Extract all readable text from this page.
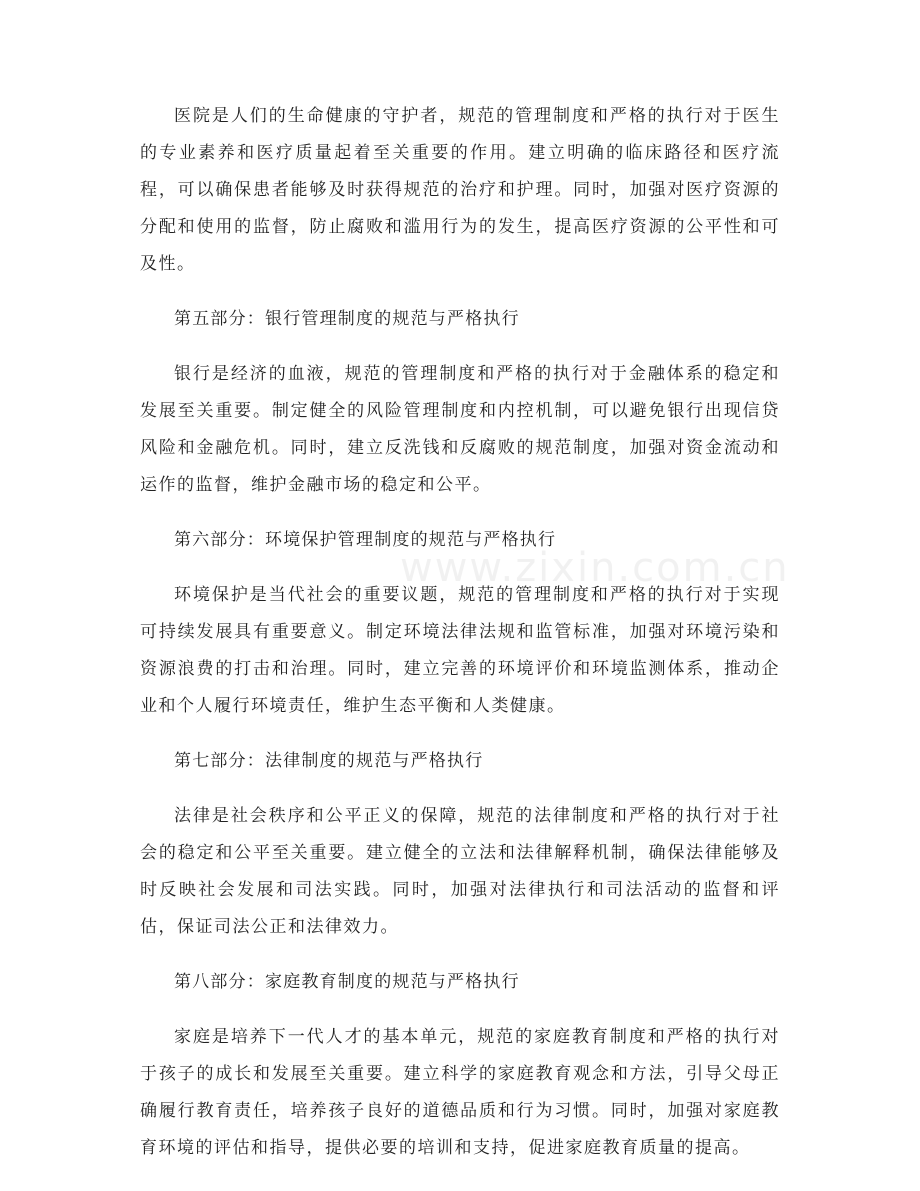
医院是人们的生命健康的守护者，规范的管理制度和严格的执行对于医生的专业素养和医疗质量起着至关重要的作用。建立明确的临床路径和医疗流程，可以确保患者能够及时获得规范的治疗和护理。同时，加强对医疗资源的分配和使用的监督，防止腐败和滥用行为的发生，提高医疗资源的公平性和可及性。

第五部分：银行管理制度的规范与严格执行

银行是经济的血液，规范的管理制度和严格的执行对于金融体系的稳定和发展至关重要。制定健全的风险管理制度和内控机制，可以避免银行出现信贷风险和金融危机。同时，建立反洗钱和反腐败的规范制度，加强对资金流动和运作的监督，维护金融市场的稳定和公平。

第六部分：环境保护管理制度的规范与严格执行

环境保护是当代社会的重要议题，规范的管理制度和严格的执行对于实现可持续发展具有重要意义。制定环境法律法规和监管标准，加强对环境污染和资源浪费的打击和治理。同时，建立完善的环境评价和环境监测体系，推动企业和个人履行环境责任，维护生态平衡和人类健康。

第七部分：法律制度的规范与严格执行

法律是社会秩序和公平正义的保障，规范的法律制度和严格的执行对于社会的稳定和公平至关重要。建立健全的立法和法律解释机制，确保法律能够及时反映社会发展和司法实践。同时，加强对法律执行和司法活动的监督和评估，保证司法公正和法律效力。

第八部分：家庭教育制度的规范与严格执行

家庭是培养下一代人才的基本单元，规范的家庭教育制度和严格的执行对于孩子的成长和发展至关重要。建立科学的家庭教育观念和方法，引导父母正确履行教育责任，培养孩子良好的道德品质和行为习惯。同时，加强对家庭教育环境的评估和指导，提供必要的培训和支持，促进家庭教育质量的提高。

www.zixin.com.cn
